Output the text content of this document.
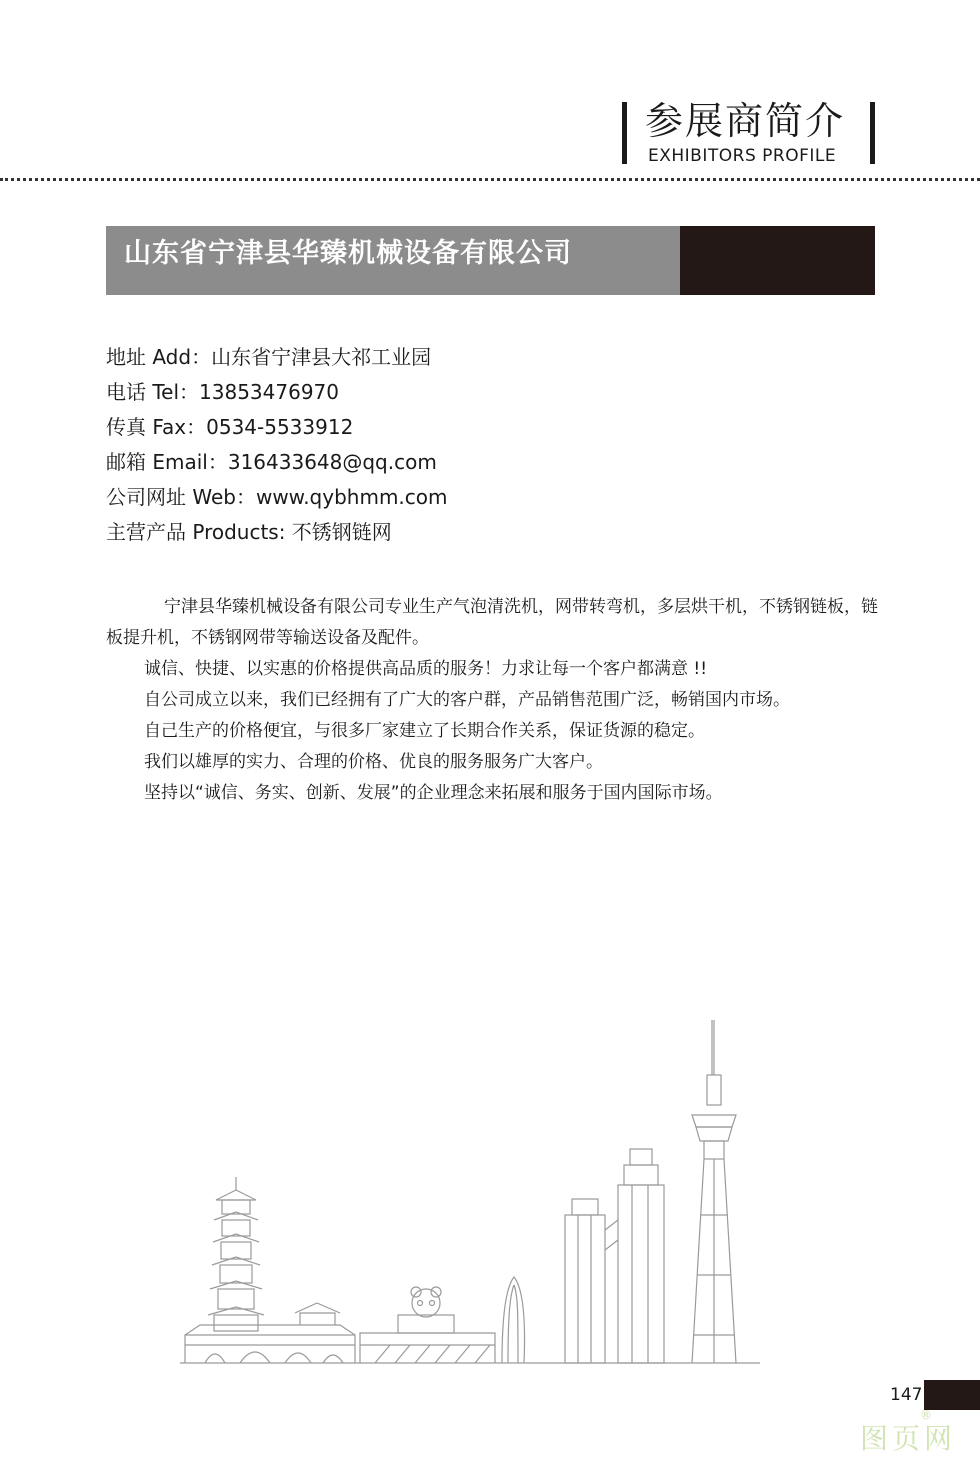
参展商简介
EXHIBITORS PROFILE
山东省宁津县华臻机械设备有限公司
地址 Add：山东省宁津县大祁工业园
电话 Tel：13853476970
传真 Fax：0534-5533912
邮箱 Email：316433648@qq.com
公司网址 Web：www.qybhmm.com
主营产品 Products: 不锈钢链网

宁津县华臻机械设备有限公司专业生产气泡清洗机，网带转弯机，多层烘干机，不锈钢链板，链板提升机，不锈钢网带等输送设备及配件。

诚信、快捷、以实惠的价格提供高品质的服务！力求让每一个客户都满意 !!

自公司成立以来，我们已经拥有了广大的客户群，产品销售范围广泛，畅销国内市场。

自己生产的价格便宜，与很多厂家建立了长期合作关系，保证货源的稳定。

我们以雄厚的实力、合理的价格、优良的服务服务广大客户。

坚持以“诚信、务实、创新、发展”的企业理念来拓展和服务于国内国际市场。

147
图页网
®
